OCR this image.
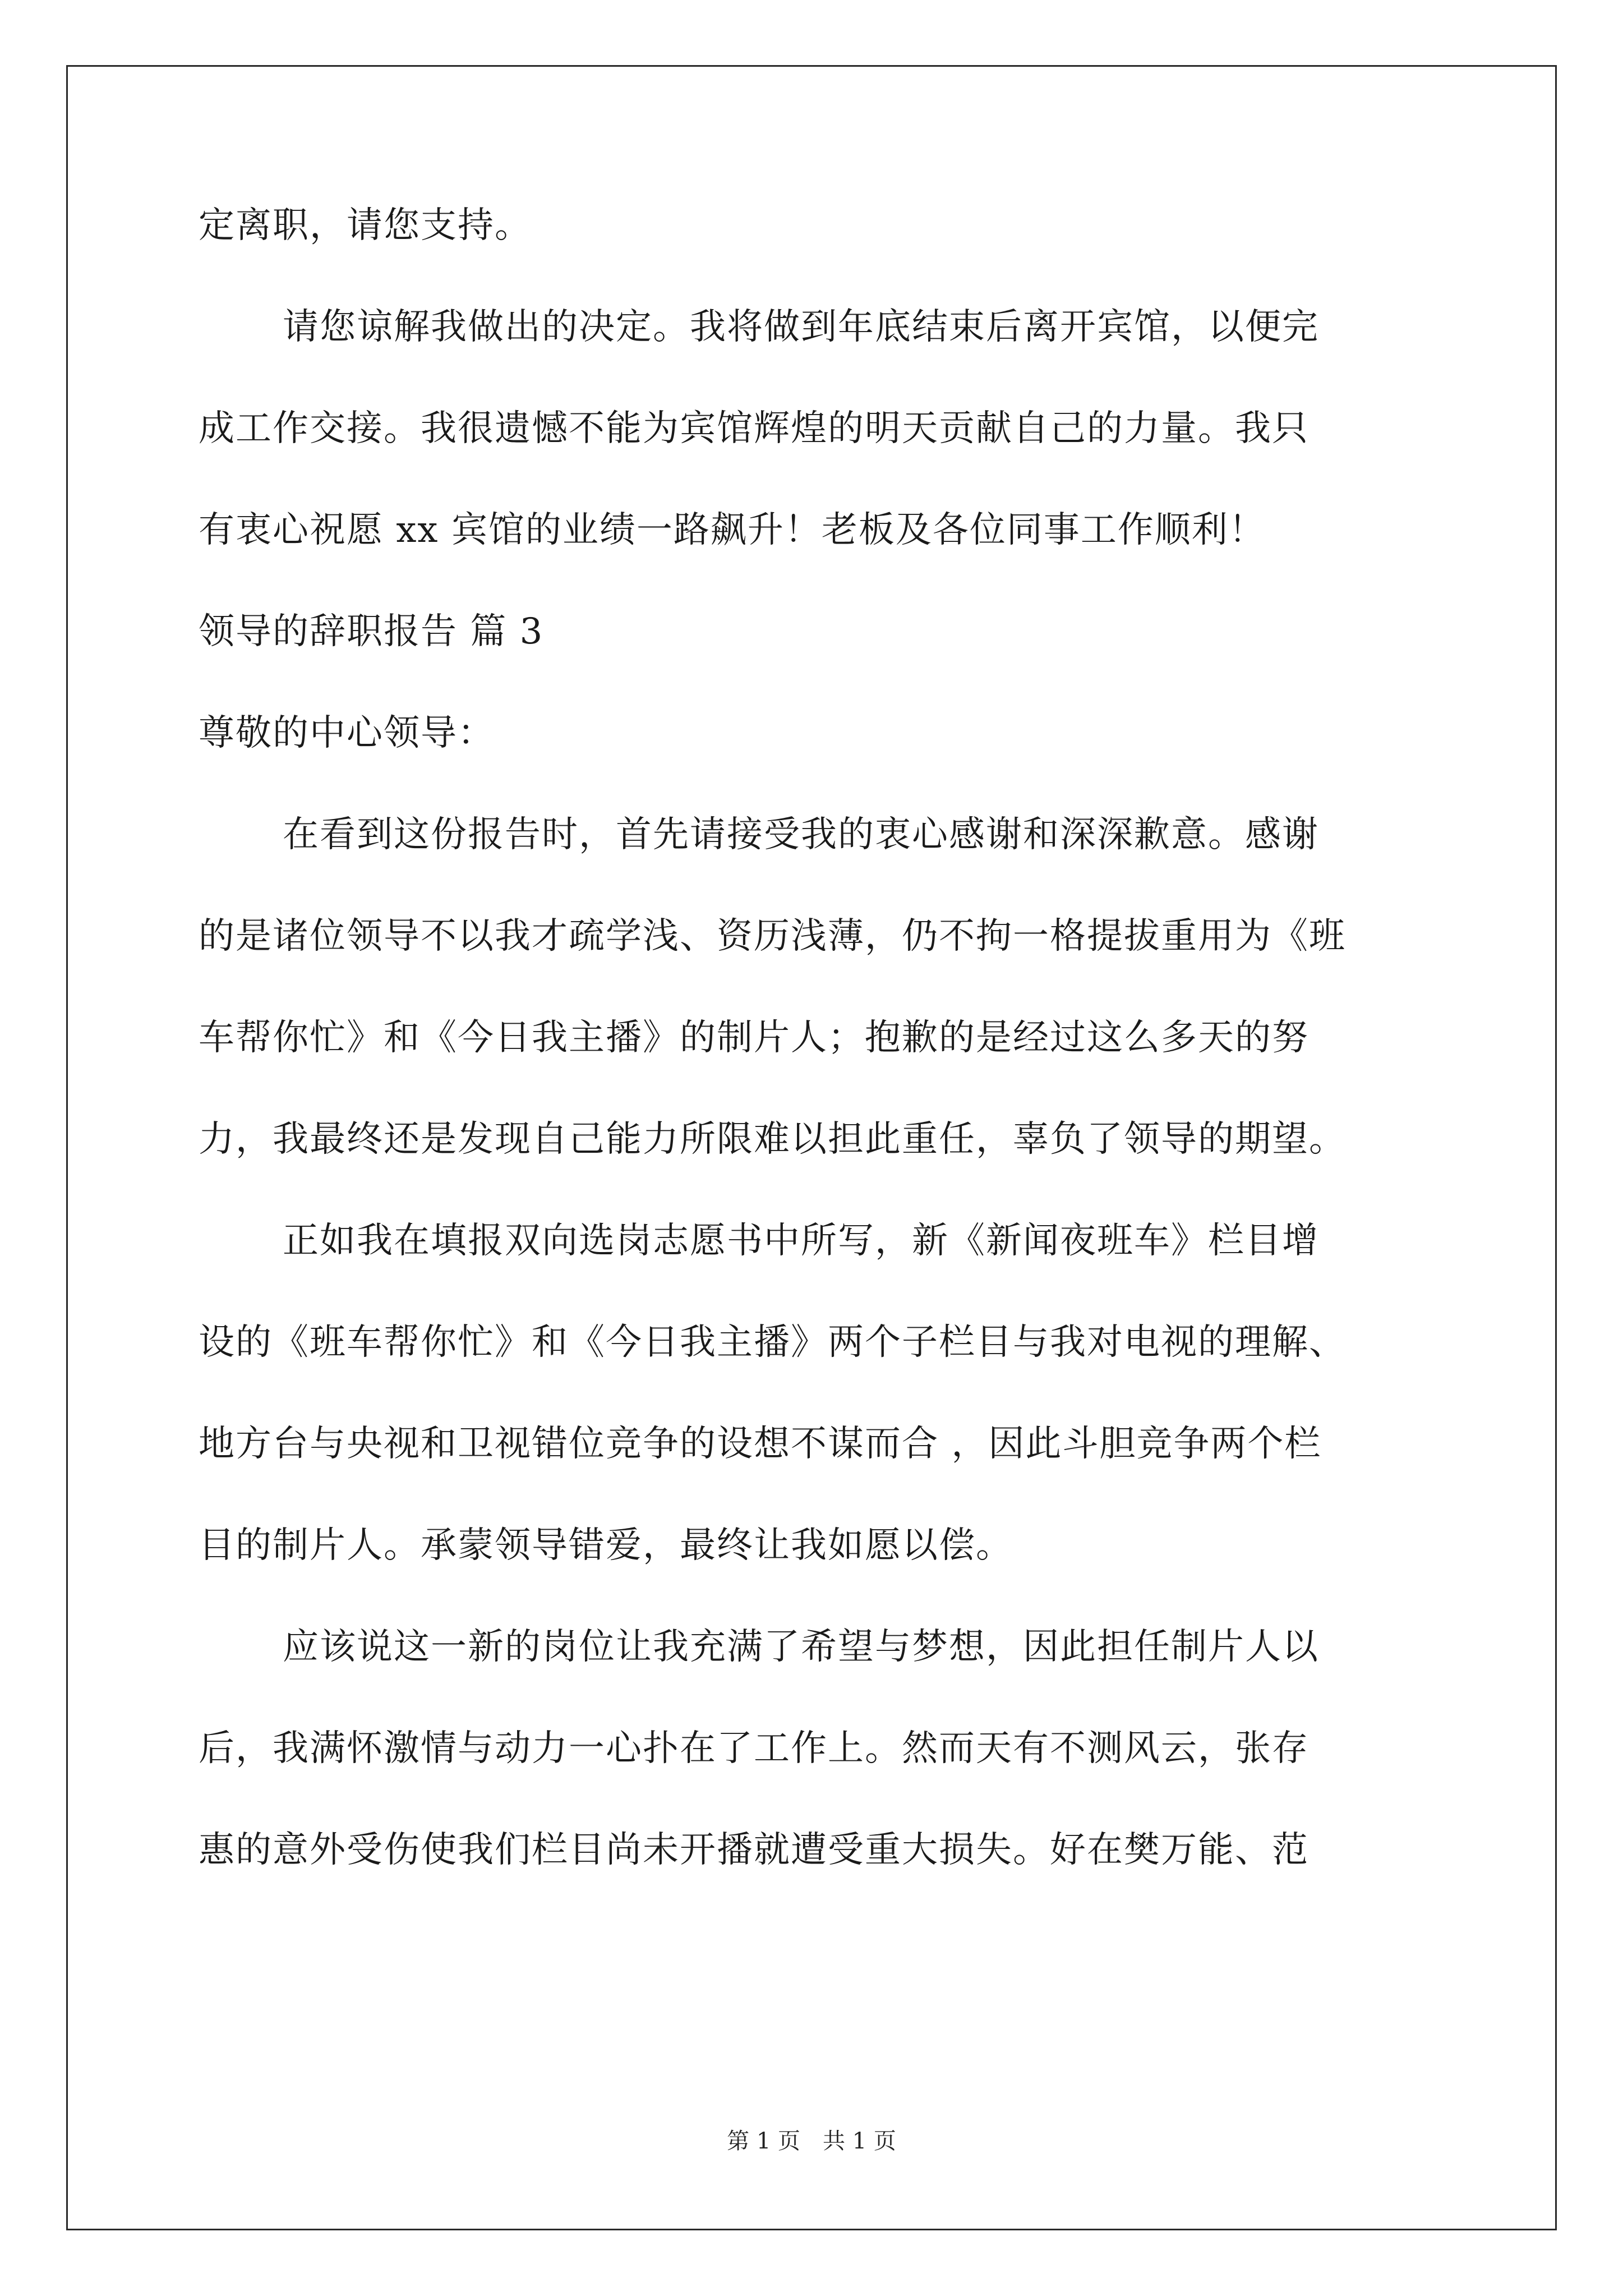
定离职，请您支持。

请您谅解我做出的决定。我将做到年底结束后离开宾馆，以便完

成工作交接。我很遗憾不能为宾馆辉煌的明天贡献自己的力量。我只

有衷心祝愿 xx 宾馆的业绩一路飙升！老板及各位同事工作顺利！

领导的辞职报告 篇 3

尊敬的中心领导：

在看到这份报告时，首先请接受我的衷心感谢和深深歉意。感谢

的是诸位领导不以我才疏学浅、资历浅薄，仍不拘一格提拔重用为《班

车帮你忙》和《今日我主播》的制片人；抱歉的是经过这么多天的努

力，我最终还是发现自己能力所限难以担此重任，辜负了领导的期望。

正如我在填报双向选岗志愿书中所写，新《新闻夜班车》栏目增

设的《班车帮你忙》和《今日我主播》两个子栏目与我对电视的理解、

地方台与央视和卫视错位竞争的设想不谋而合 ，因此斗胆竞争两个栏

目的制片人。承蒙领导错爱，最终让我如愿以偿。

应该说这一新的岗位让我充满了希望与梦想，因此担任制片人以

后，我满怀激情与动力一心扑在了工作上。然而天有不测风云，张存

惠的意外受伤使我们栏目尚未开播就遭受重大损失。好在樊万能、范

第 1 页 共 1 页
